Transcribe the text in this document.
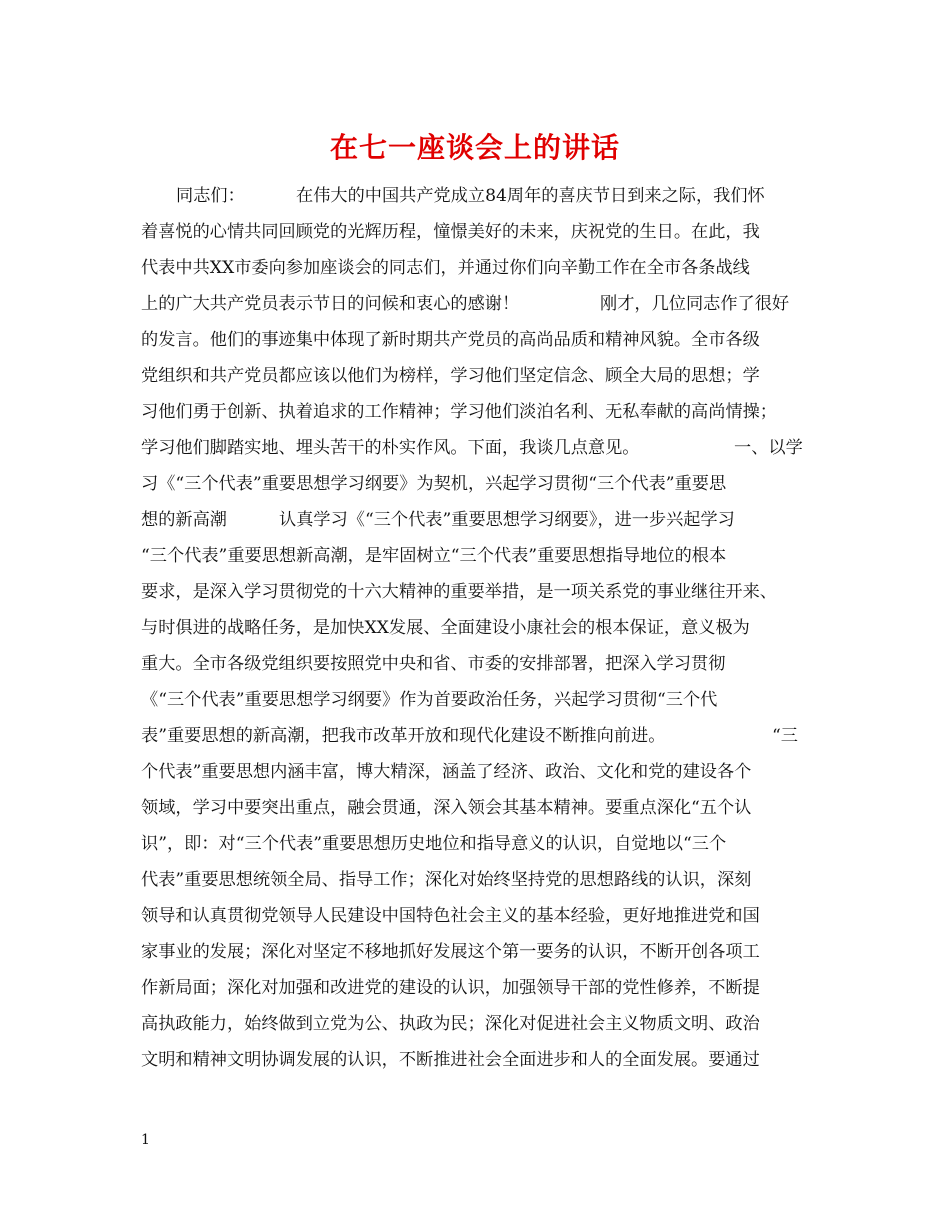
在七一座谈会上的讲话
同志们：	在伟大的中国共产党成立84周年的喜庆节日到来之际，我们怀
着喜悦的心情共同回顾党的光辉历程，憧憬美好的未来，庆祝党的生日。在此，我
代表中共XX市委向参加座谈会的同志们，并通过你们向辛勤工作在全市各条战线
上的广大共产党员表示节日的问候和衷心的感谢！	刚才，几位同志作了很好
的发言。他们的事迹集中体现了新时期共产党员的高尚品质和精神风貌。全市各级
党组织和共产党员都应该以他们为榜样，学习他们坚定信念、顾全大局的思想；学
习他们勇于创新、执着追求的工作精神；学习他们淡泊名利、无私奉献的高尚情操；
学习他们脚踏实地、埋头苦干的朴实作风。下面，我谈几点意见。	一、以学
习《“三个代表”重要思想学习纲要》为契机，兴起学习贯彻“三个代表”重要思
想的新高潮	认真学习《“三个代表”重要思想学习纲要》，进一步兴起学习
“三个代表”重要思想新高潮，是牢固树立“三个代表”重要思想指导地位的根本
要求，是深入学习贯彻党的十六大精神的重要举措，是一项关系党的事业继往开来、
与时俱进的战略任务，是加快XX发展、全面建设小康社会的根本保证，意义极为
重大。全市各级党组织要按照党中央和省、市委的安排部署，把深入学习贯彻
《“三个代表”重要思想学习纲要》作为首要政治任务，兴起学习贯彻“三个代
表”重要思想的新高潮，把我市改革开放和现代化建设不断推向前进。	“三
个代表”重要思想内涵丰富，博大精深，涵盖了经济、政治、文化和党的建设各个
领域，学习中要突出重点，融会贯通，深入领会其基本精神。要重点深化“五个认
识”，即：对“三个代表”重要思想历史地位和指导意义的认识，自觉地以“三个
代表”重要思想统领全局、指导工作；深化对始终坚持党的思想路线的认识，深刻
领导和认真贯彻党领导人民建设中国特色社会主义的基本经验，更好地推进党和国
家事业的发展；深化对坚定不移地抓好发展这个第一要务的认识，不断开创各项工
作新局面；深化对加强和改进党的建设的认识，加强领导干部的党性修养，不断提
高执政能力，始终做到立党为公、执政为民；深化对促进社会主义物质文明、政治
文明和精神文明协调发展的认识，不断推进社会全面进步和人的全面发展。要通过
1
